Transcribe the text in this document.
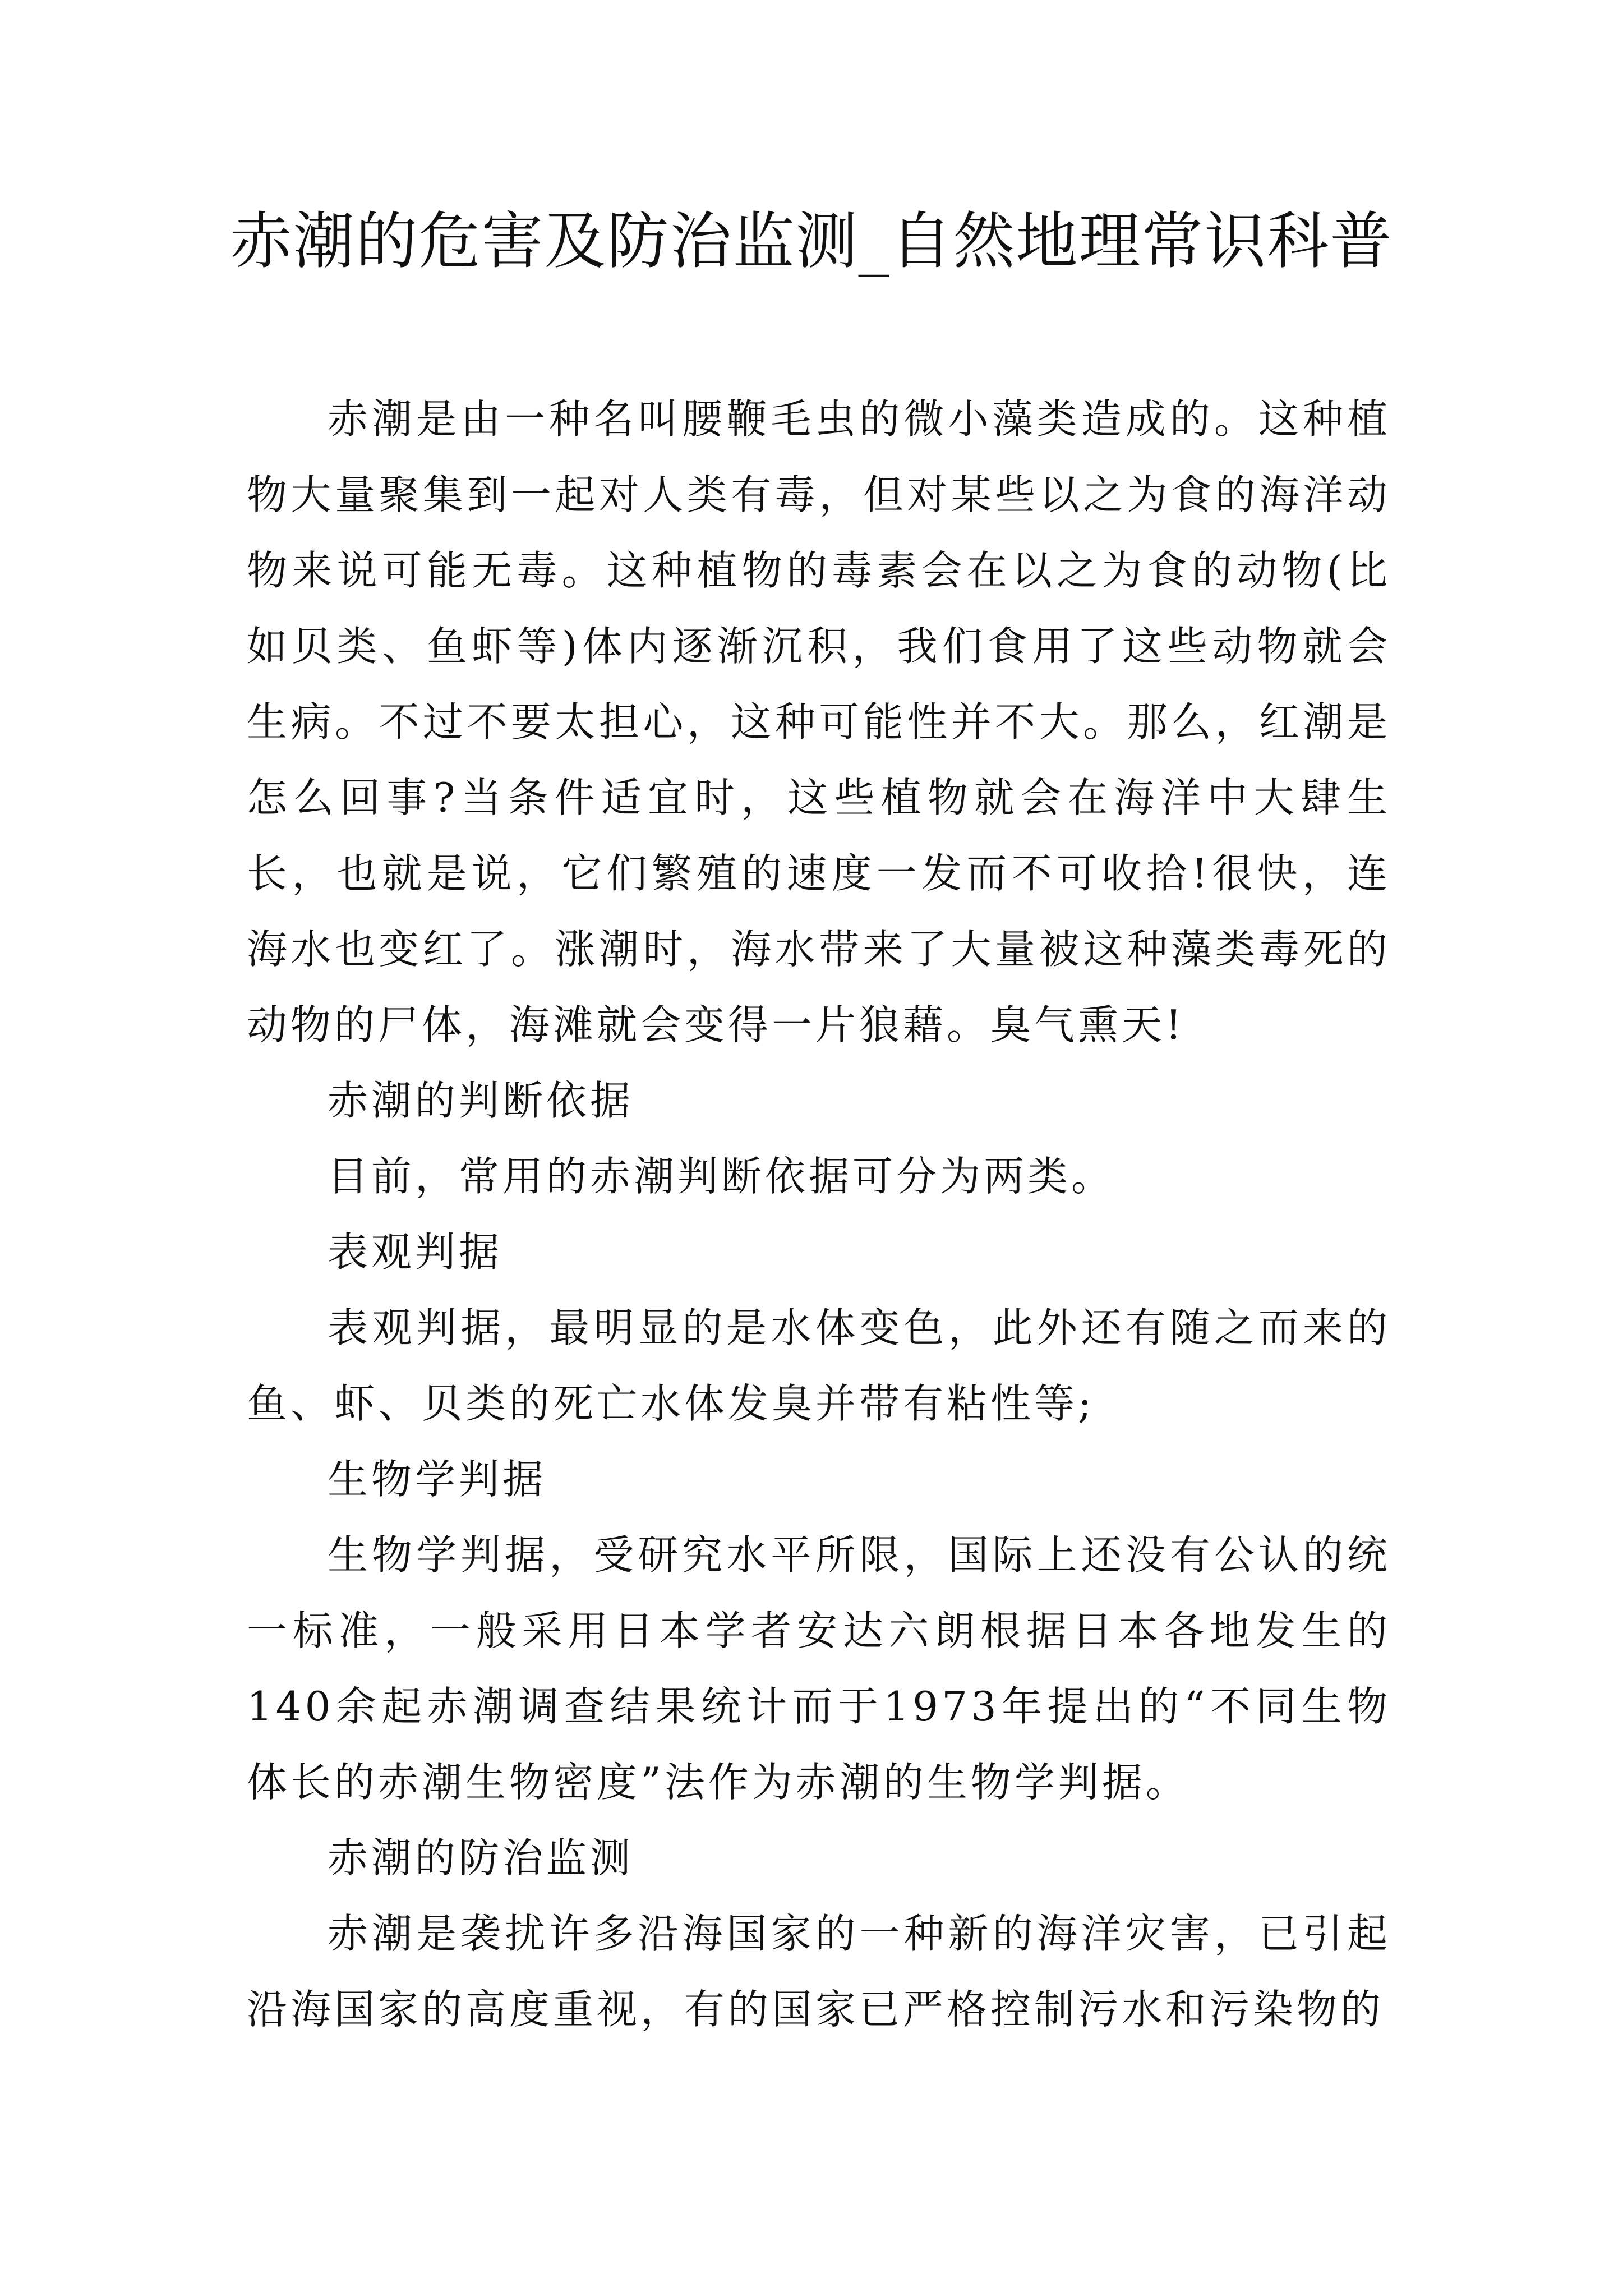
赤潮的危害及防治监测_自然地理常识科普

赤潮是由一种名叫腰鞭毛虫的微小藻类造成的。这种植物大量聚集到一起对人类有毒，但对某些以之为食的海洋动物来说可能无毒。这种植物的毒素会在以之为食的动物(比如贝类、鱼虾等)体内逐渐沉积，我们食用了这些动物就会生病。不过不要太担心，这种可能性并不大。那么，红潮是怎么回事?当条件适宜时，这些植物就会在海洋中大肆生长，也就是说，它们繁殖的速度一发而不可收拾!很快，连海水也变红了。涨潮时，海水带来了大量被这种藻类毒死的动物的尸体，海滩就会变得一片狼藉。臭气熏天!

赤潮的判断依据

目前，常用的赤潮判断依据可分为两类。

表观判据

表观判据，最明显的是水体变色，此外还有随之而来的鱼、虾、贝类的死亡水体发臭并带有粘性等;

生物学判据

生物学判据，受研究水平所限，国际上还没有公认的统一标准，一般采用日本学者安达六朗根据日本各地发生的140余起赤潮调查结果统计而于1973年提出的“不同生物体长的赤潮生物密度”法作为赤潮的生物学判据。

赤潮的防治监测

赤潮是袭扰许多沿海国家的一种新的海洋灾害，已引起沿海国家的高度重视，有的国家已严格控制污水和污染物的
